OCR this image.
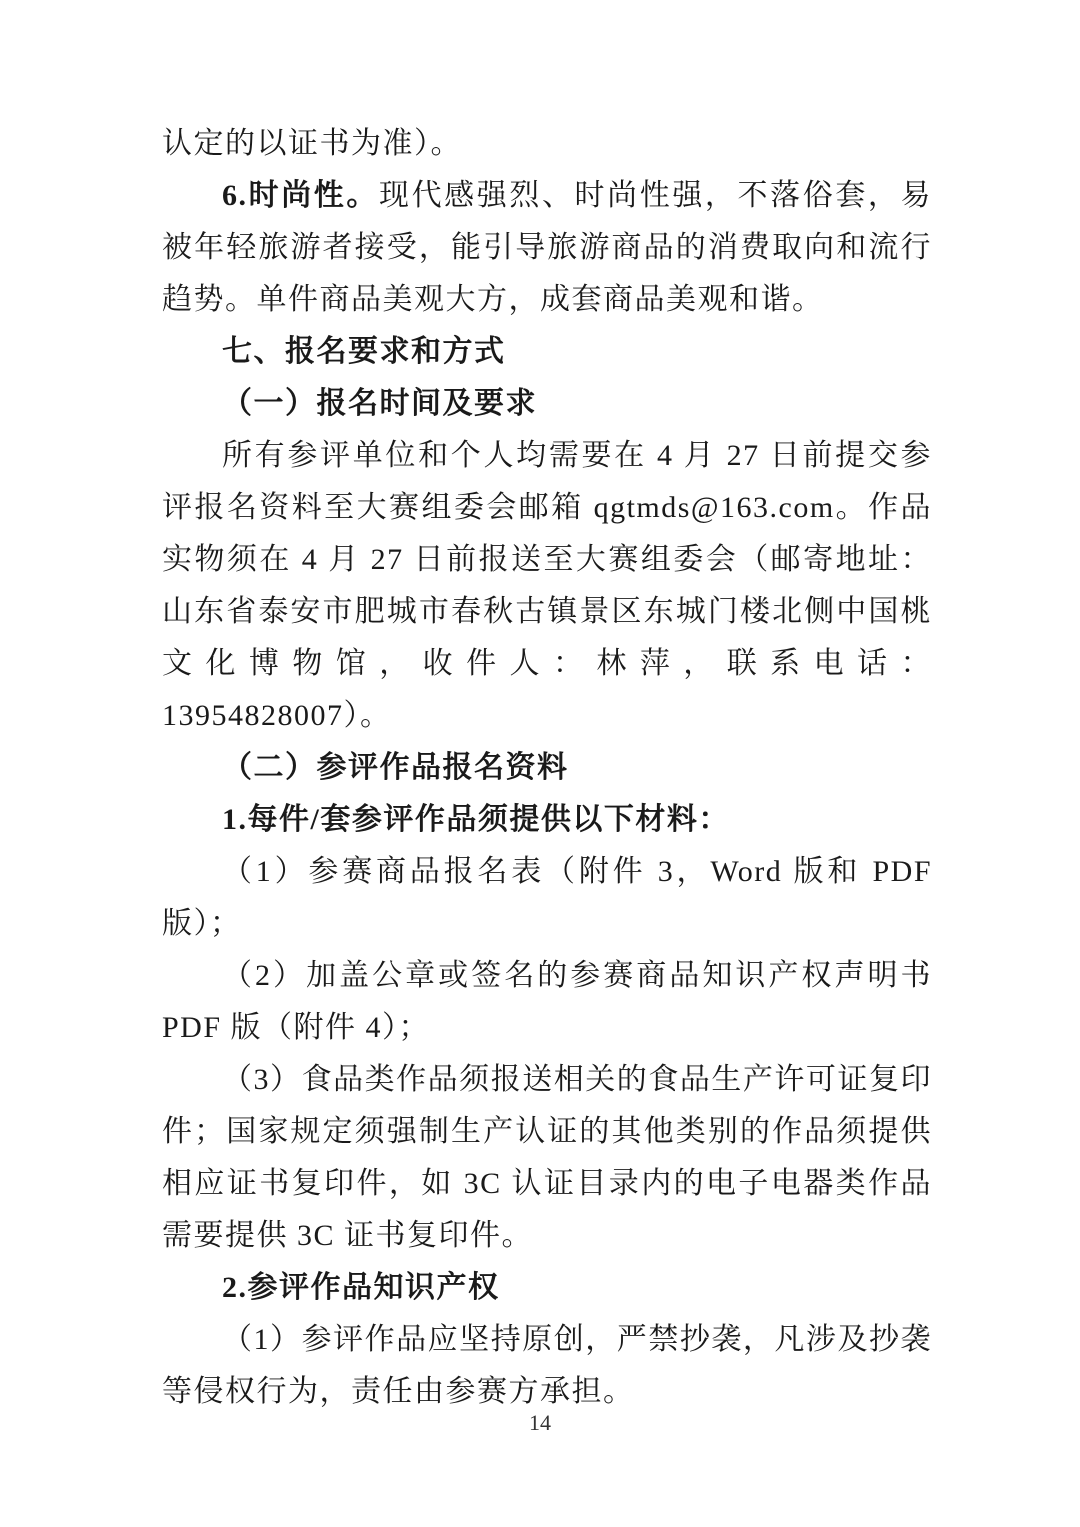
认定的以证书为准）。

6.时尚性。现代感强烈、时尚性强，不落俗套，易被年轻旅游者接受，能引导旅游商品的消费取向和流行趋势。单件商品美观大方，成套商品美观和谐。

七、报名要求和方式

（一）报名时间及要求

所有参评单位和个人均需要在 4 月 27 日前提交参评报名资料至大赛组委会邮箱 qgtmds@163.com。作品实物须在 4 月 27 日前报送至大赛组委会（邮寄地址：山东省泰安市肥城市春秋古镇景区东城门楼北侧中国桃文化博物馆，收件人：林萍，联系电话：13954828007）。

（二）参评作品报名资料

1.每件/套参评作品须提供以下材料：

（1）参赛商品报名表（附件 3，Word 版和 PDF 版）；

（2）加盖公章或签名的参赛商品知识产权声明书 PDF 版（附件 4）；

（3）食品类作品须报送相关的食品生产许可证复印件；国家规定须强制生产认证的其他类别的作品须提供相应证书复印件，如 3C 认证目录内的电子电器类作品需要提供 3C 证书复印件。

2.参评作品知识产权

（1）参评作品应坚持原创，严禁抄袭，凡涉及抄袭等侵权行为，责任由参赛方承担。

14
